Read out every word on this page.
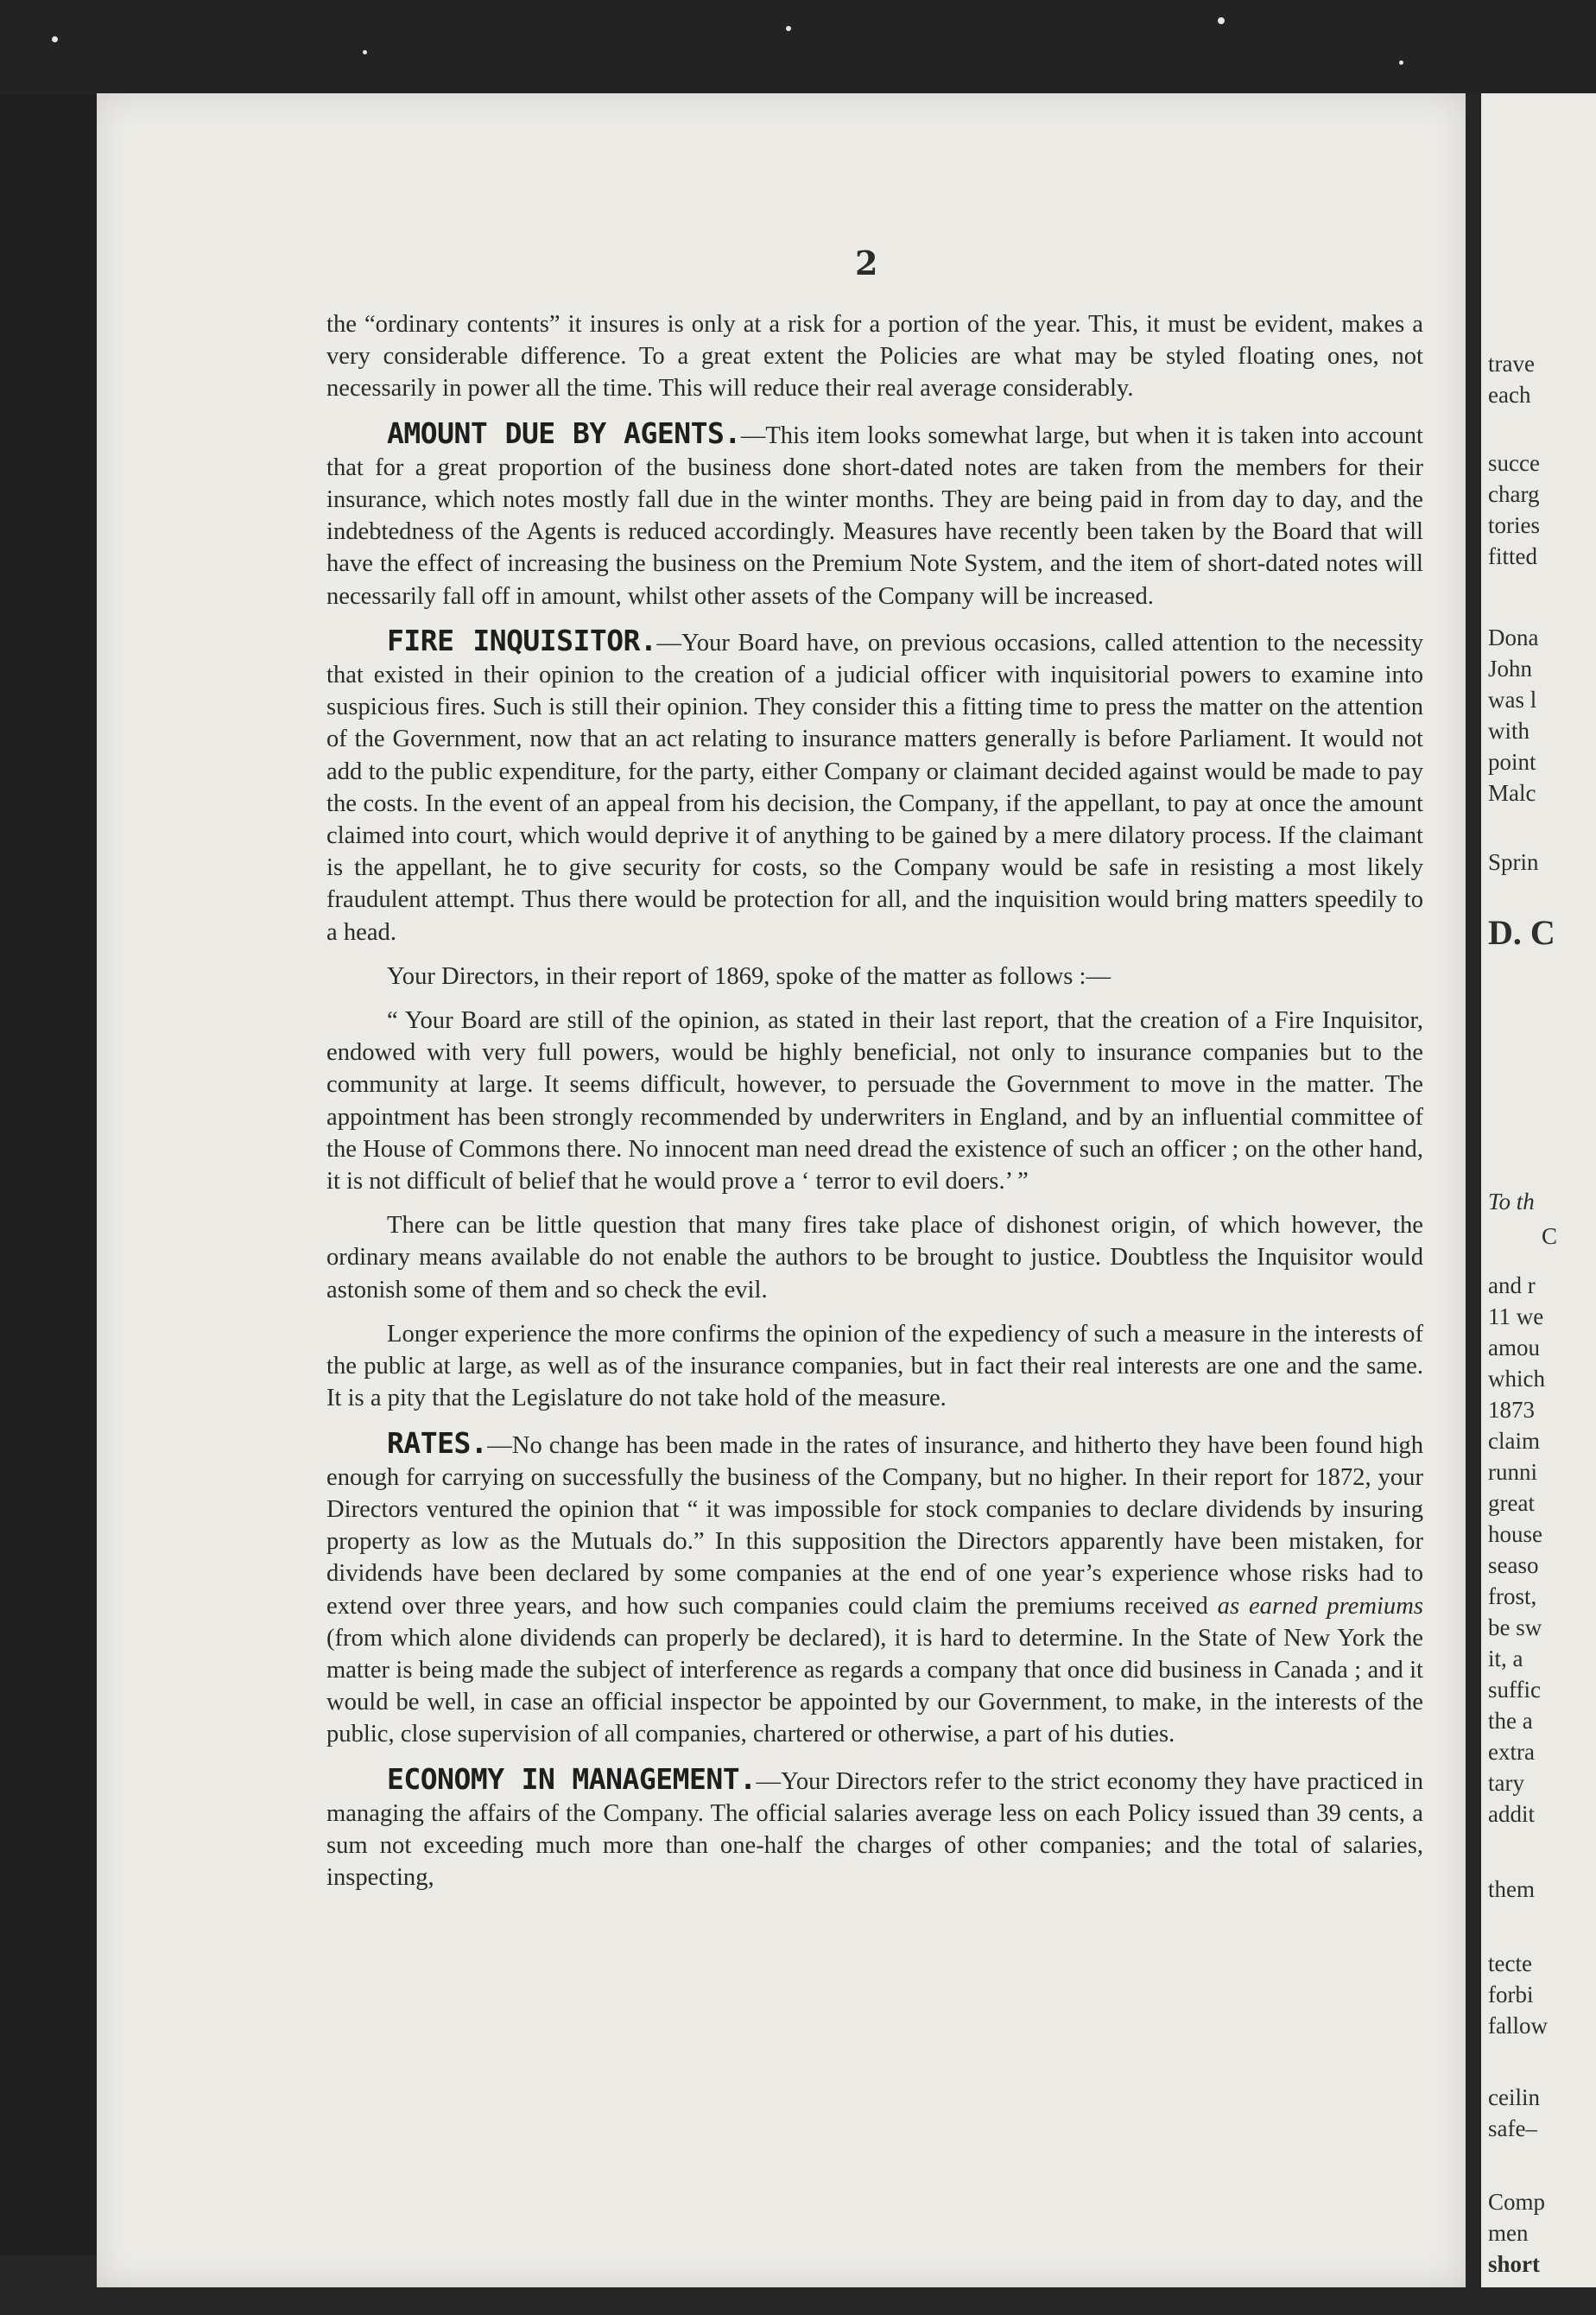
trave
each
succe
charg
tories
fitted
Dona
John
was l
with
point
Malc
Sprin
D. C
To th
C
and r
11 we
amou
which
1873
claim
runni
great
house
seaso
frost,
be sw
it, a
suffic
the a
extra
tary
addit
them
tecte
forbi
fallow
ceilin
safe–
Comp
men
short
2

the “ordinary contents” it insures is only at a risk for a portion of the year. This, it must be evident, makes a very considerable difference. To a great extent the Policies are what may be styled floating ones, not necessarily in power all the time. This will reduce their real average considerably.

AMOUNT DUE BY AGENTS.—This item looks somewhat large, but when it is taken into account that for a great proportion of the business done short-dated notes are taken from the members for their insurance, which notes mostly fall due in the winter months. They are being paid in from day to day, and the indebtedness of the Agents is reduced accordingly. Measures have recently been taken by the Board that will have the effect of increasing the business on the Premium Note System, and the item of short-dated notes will necessarily fall off in amount, whilst other assets of the Company will be increased.

FIRE INQUISITOR.—Your Board have, on previous occasions, called attention to the necessity that existed in their opinion to the creation of a judicial officer with inquisitorial powers to examine into suspicious fires. Such is still their opinion. They consider this a fitting time to press the matter on the attention of the Government, now that an act relating to insurance matters generally is before Parliament. It would not add to the public expenditure, for the party, either Company or claimant decided against would be made to pay the costs. In the event of an appeal from his decision, the Company, if the appellant, to pay at once the amount claimed into court, which would deprive it of anything to be gained by a mere dilatory process. If the claimant is the appellant, he to give security for costs, so the Company would be safe in resisting a most likely fraudulent attempt. Thus there would be protection for all, and the inquisition would bring matters speedily to a head.

Your Directors, in their report of 1869, spoke of the matter as follows :—

“ Your Board are still of the opinion, as stated in their last report, that the creation of a Fire Inquisitor, endowed with very full powers, would be highly beneficial, not only to insurance companies but to the community at large. It seems difficult, however, to persuade the Government to move in the matter. The appointment has been strongly recommended by underwriters in England, and by an influential committee of the House of Commons there. No innocent man need dread the existence of such an officer ; on the other hand, it is not difficult of belief that he would prove a ‘ terror to evil doers.’ ”

There can be little question that many fires take place of dishonest origin, of which however, the ordinary means available do not enable the authors to be brought to justice. Doubtless the Inquisitor would astonish some of them and so check the evil.

Longer experience the more confirms the opinion of the expediency of such a measure in the interests of the public at large, as well as of the insurance companies, but in fact their real interests are one and the same. It is a pity that the Legislature do not take hold of the measure.

RATES.—No change has been made in the rates of insurance, and hitherto they have been found high enough for carrying on successfully the business of the Company, but no higher. In their report for 1872, your Directors ventured the opinion that “ it was impossible for stock companies to declare dividends by insuring property as low as the Mutuals do.” In this supposition the Directors apparently have been mistaken, for dividends have been declared by some companies at the end of one year’s experience whose risks had to extend over three years, and how such companies could claim the premiums received as earned premiums (from which alone dividends can properly be declared), it is hard to determine. In the State of New York the matter is being made the subject of interference as regards a company that once did business in Canada ; and it would be well, in case an official inspector be appointed by our Government, to make, in the interests of the public, close supervision of all companies, chartered or otherwise, a part of his duties.

ECONOMY IN MANAGEMENT.—Your Directors refer to the strict economy they have practiced in managing the affairs of the Company. The official salaries average less on each Policy issued than 39 cents, a sum not exceeding much more than one-half the charges of other companies; and the total of salaries, inspecting,
